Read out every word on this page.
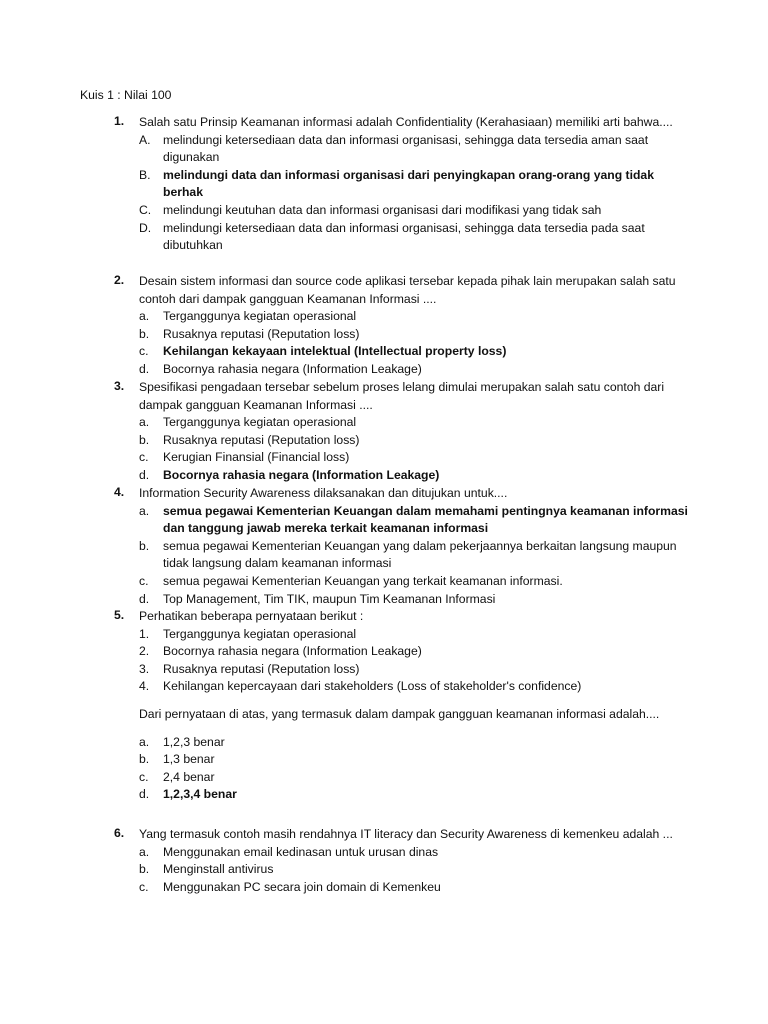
Kuis 1 : Nilai 100
1.	Salah satu Prinsip Keamanan informasi adalah Confidentiality (Kerahasiaan) memiliki arti bahwa....

A.	melindungi ketersediaan data dan informasi organisasi, sehingga data tersedia aman saat digunakan
B.	melindungi data dan informasi organisasi dari penyingkapan orang-orang yang tidak berhak
C. melindungi keutuhan data dan informasi organisasi dari modifikasi yang tidak sah
D. melindungi ketersediaan data dan informasi organisasi, sehingga data tersedia pada saat dibutuhkan
2.	Desain sistem informasi dan source code aplikasi tersebar kepada pihak lain merupakan salah satu contoh dari dampak gangguan Keamanan Informasi ....

a.	Terganggunya kegiatan operasional
b.	Rusaknya reputasi (Reputation loss)
c.	Kehilangan kekayaan intelektual (Intellectual property loss)
d.	Bocornya rahasia negara (Information Leakage)
3.	Spesifikasi pengadaan tersebar sebelum proses lelang dimulai merupakan salah satu contoh dari dampak gangguan Keamanan Informasi ....

a.	Terganggunya kegiatan operasional
b.	Rusaknya reputasi (Reputation loss)
c.	Kerugian Finansial (Financial loss)
d.	Bocornya rahasia negara (Information Leakage)
4.	Information Security Awareness dilaksanakan dan ditujukan untuk....

a.	semua pegawai Kementerian Keuangan dalam memahami pentingnya keamanan informasi dan tanggung jawab mereka terkait keamanan informasi
b.	semua pegawai Kementerian Keuangan yang dalam pekerjaannya berkaitan langsung maupun tidak langsung dalam keamanan informasi
c.	semua pegawai Kementerian Keuangan yang terkait keamanan informasi.
d.	Top Management, Tim TIK, maupun Tim Keamanan Informasi
5.	Perhatikan beberapa pernyataan berikut :

1.	Terganggunya kegiatan operasional
2.	Bocornya rahasia negara (Information Leakage)
3.	Rusaknya reputasi (Reputation loss)
4.	Kehilangan kepercayaan dari stakeholders (Loss of stakeholder's confidence)

Dari pernyataan di atas, yang termasuk dalam dampak gangguan keamanan informasi adalah....

a.	1,2,3 benar
b.	1,3 benar
c.	2,4 benar
d.	1,2,3,4 benar
6.	Yang termasuk contoh masih rendahnya IT literacy dan Security Awareness di kemenkeu adalah ...

a.	Menggunakan email kedinasan untuk urusan dinas
b.	Menginstall antivirus
c.	Menggunakan PC secara join domain di Kemenkeu
